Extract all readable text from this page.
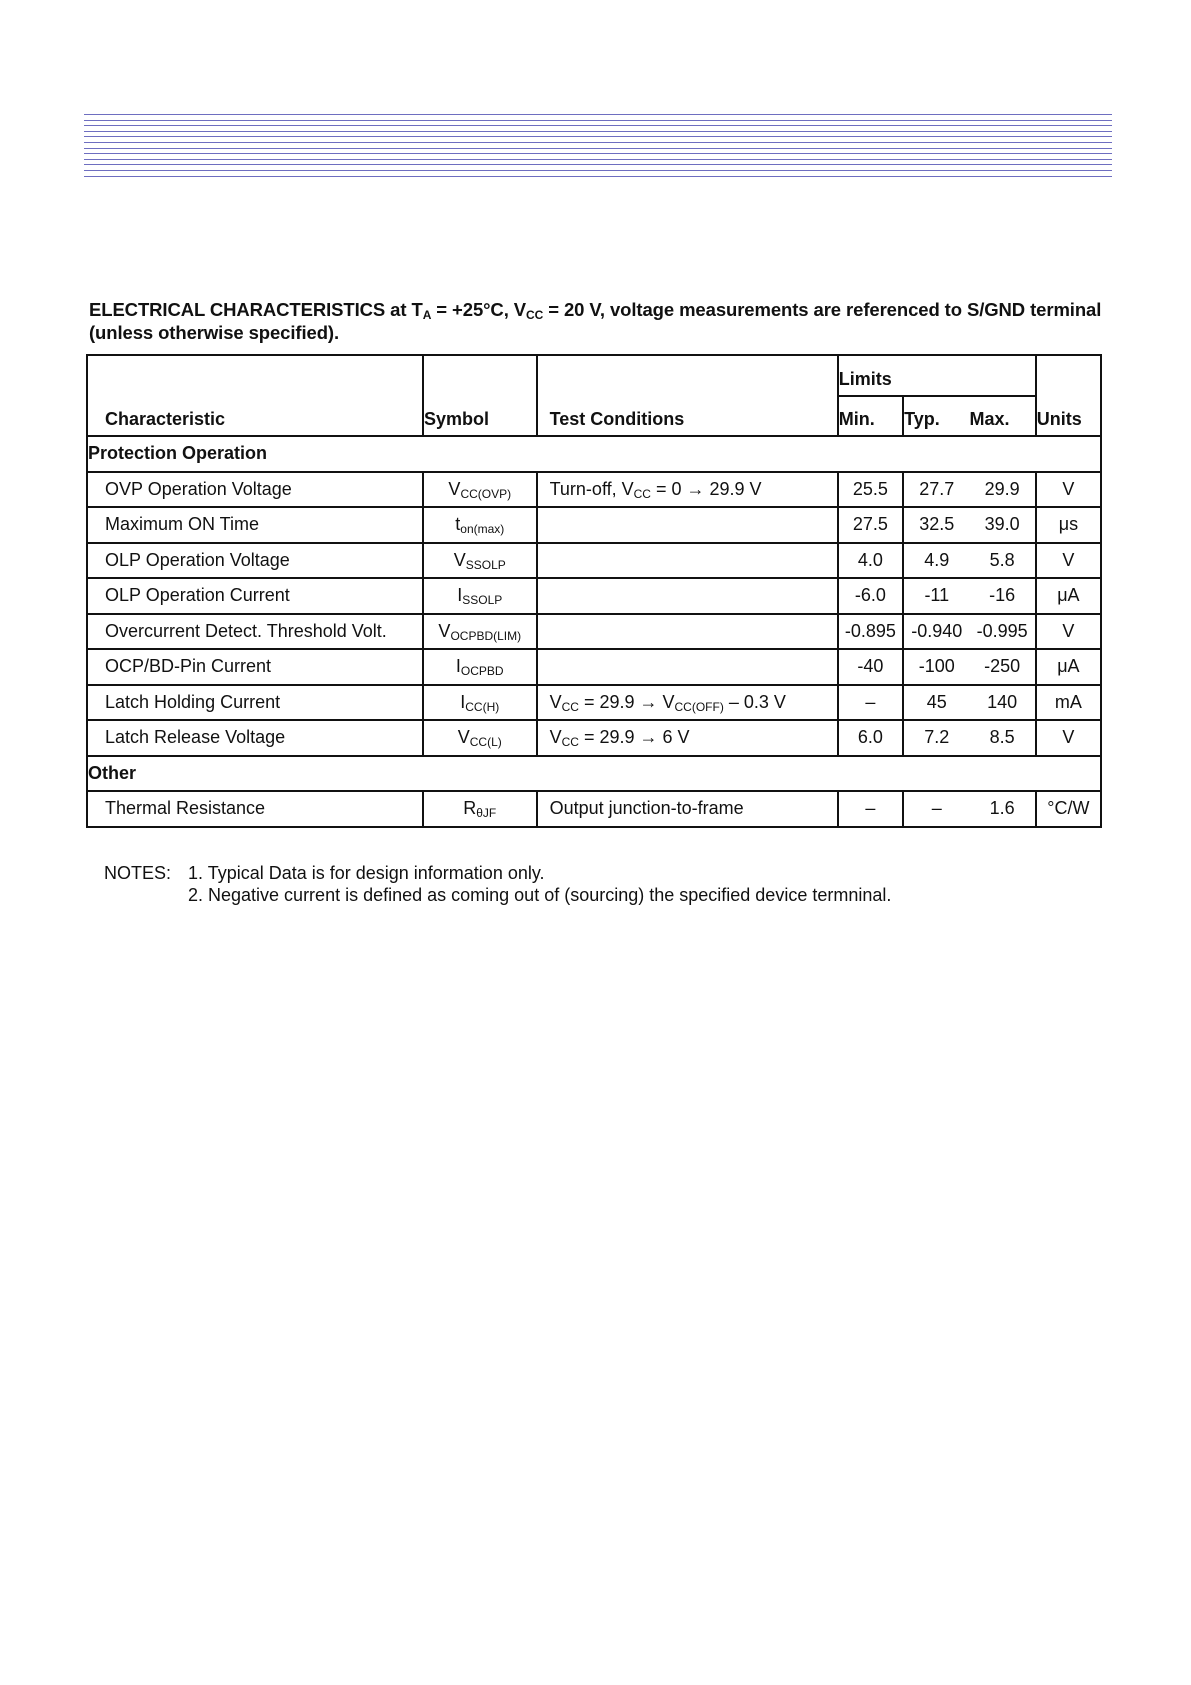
ELECTRICAL CHARACTERISTICS at $T_A = +25^\circ C$, $V_{CC} = 20$ V, voltage measurements are referenced to S/GND terminal
(unless otherwise specified).
Characteristic	Symbol	Test Conditions	Limits			
			Min.	Typ.	Max.	Units
Protection Operation						
OVP Operation Voltage	$V_{CC(OVP)}$	Turn-off, $V_{CC} = 0 \to 29.9$ V	25.5	27.7	29.9	V
Maximum ON Time	$t_{on(max)}$		27.5	32.5	39.0	μs
OLP Operation Voltage	$V_{SSOLP}$		4.0	4.9	5.8	V
OLP Operation Current	$I_{SSOLP}$		-6.0	-11	-16	μA
Overcurrent Detect. Threshold Volt.	$V_{OCPBD(LIM)}$		-0.895	-0.940	-0.995	V
OCP/BD-Pin Current	$I_{OCPBD}$		-40	-100	-250	μA
Latch Holding Current	$I_{CC(H)}$	$V_{CC} = 29.9 \to V_{CC(OFF)} - 0.3$ V	–	45	140	mA
Latch Release Voltage	$V_{CC(L)}$	$V_{CC} = 29.9 \to 6$ V	6.0	7.2	8.5	V
Other						
Thermal Resistance	$R_{\theta JF}$	Output junction-to-frame	–	–	1.6	°C/W
NOTES: 1. Typical Data is for design information only.
2. Negative current is defined as coming out of (sourcing) the specified device termninal.
